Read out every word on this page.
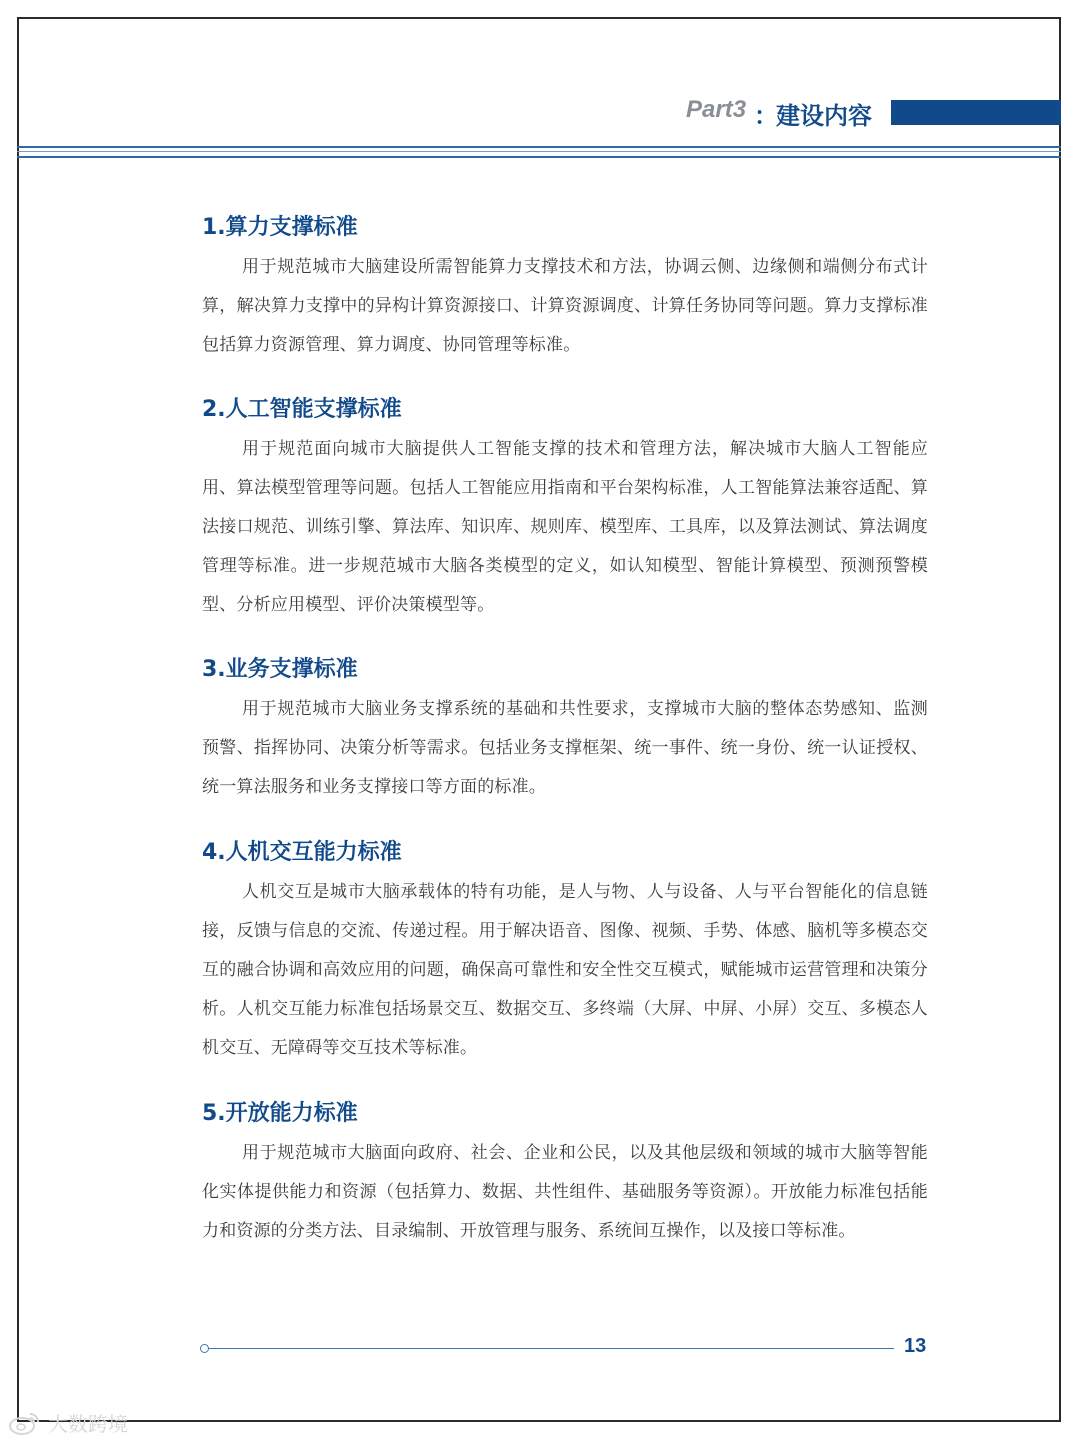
Part3 ：
建设内容
1.算力支撑标准

用于规范城市大脑建设所需智能算力支撑技术和方法，协调云侧、边缘侧和端侧分布式计算，解决算力支撑中的异构计算资源接口、计算资源调度、计算任务协同等问题。算力支撑标准包括算力资源管理、算力调度、协同管理等标准。

2.人工智能支撑标准

用于规范面向城市大脑提供人工智能支撑的技术和管理方法，解决城市大脑人工智能应用、算法模型管理等问题。包括人工智能应用指南和平台架构标准，人工智能算法兼容适配、算法接口规范、训练引擎、算法库、知识库、规则库、模型库、工具库，以及算法测试、算法调度管理等标准。进一步规范城市大脑各类模型的定义，如认知模型、智能计算模型、预测预警模型、分析应用模型、评价决策模型等。

3.业务支撑标准

用于规范城市大脑业务支撑系统的基础和共性要求，支撑城市大脑的整体态势感知、监测预警、指挥协同、决策分析等需求。包括业务支撑框架、统一事件、统一身份、统一认证授权、统一算法服务和业务支撑接口等方面的标准。

4.人机交互能力标准

人机交互是城市大脑承载体的特有功能，是人与物、人与设备、人与平台智能化的信息链接，反馈与信息的交流、传递过程。用于解决语音、图像、视频、手势、体感、脑机等多模态交互的融合协调和高效应用的问题，确保高可靠性和安全性交互模式，赋能城市运营管理和决策分析。人机交互能力标准包括场景交互、数据交互、多终端（大屏、中屏、小屏）交互、多模态人机交互、无障碍等交互技术等标准。

5.开放能力标准

用于规范城市大脑面向政府、社会、企业和公民，以及其他层级和领域的城市大脑等智能化实体提供能力和资源（包括算力、数据、共性组件、基础服务等资源）。开放能力标准包括能力和资源的分类方法、目录编制、开放管理与服务、系统间互操作，以及接口等标准。

13
大数跨境
